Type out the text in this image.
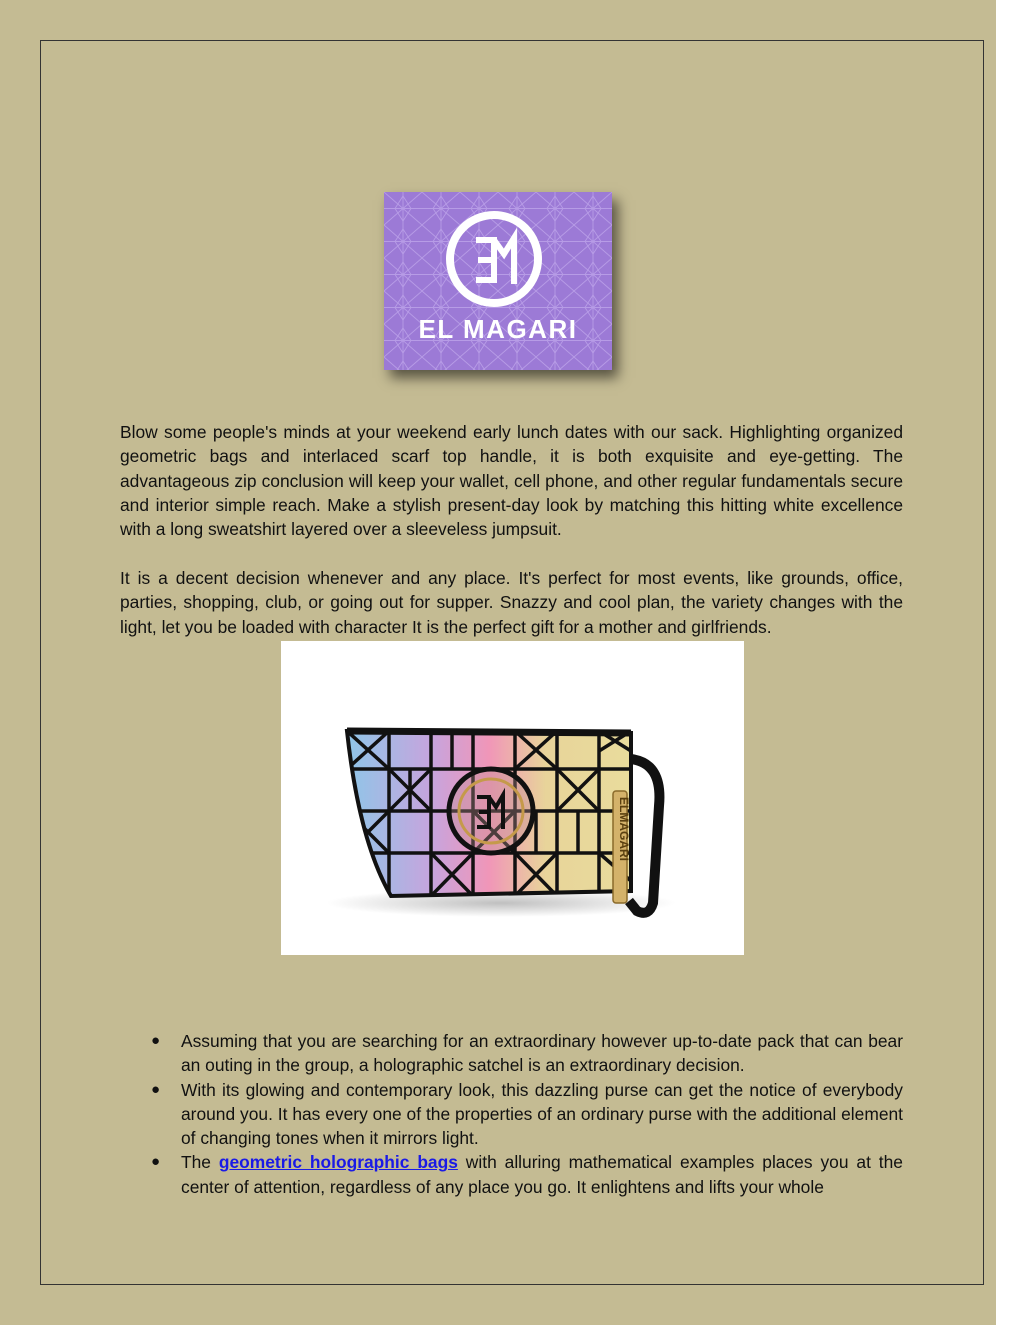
EL MAGARI

Blow some people's minds at your weekend early lunch dates with our sack. Highlighting organized geometric bags and interlaced scarf top handle, it is both exquisite and eye-getting. The advantageous zip conclusion will keep your wallet, cell phone, and other regular fundamentals secure and interior simple reach. Make a stylish present-day look by matching this hitting white excellence with a long sweatshirt layered over a sleeveless jumpsuit.

It is a decent decision whenever and any place. It's perfect for most events, like grounds, office, parties, shopping, club, or going out for supper. Snazzy and cool plan, the variety changes with the light, let you be loaded with character It is the perfect gift for a mother and girlfriends.

ELMAGARI
● Assuming that you are searching for an extraordinary however up-to-date pack that can bear an outing in the group, a holographic satchel is an extraordinary decision.
● With its glowing and contemporary look, this dazzling purse can get the notice of everybody around you. It has every one of the properties of an ordinary purse with the additional element of changing tones when it mirrors light.
● The geometric holographic bags with alluring mathematical examples places you at the center of attention, regardless of any place you go. It enlightens and lifts your whole
